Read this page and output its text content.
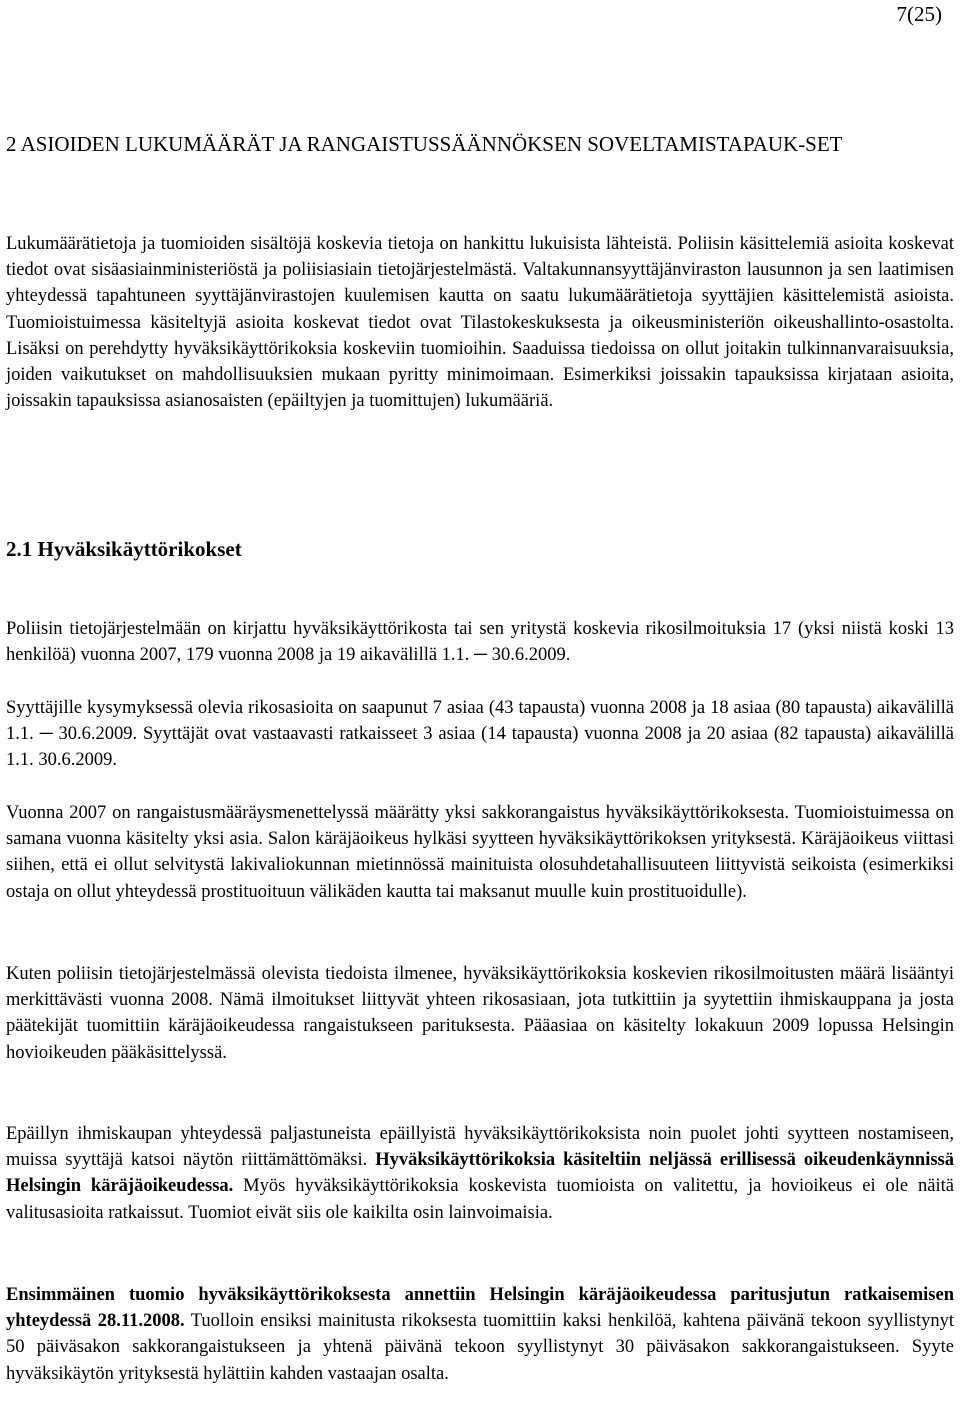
7(25)
2 ASIOIDEN LUKUMÄÄRÄT JA RANGAISTUSSÄÄNNÖKSEN SOVELTAMISTAPAUK-SET

Lukumäärätietoja ja tuomioiden sisältöjä koskevia tietoja on hankittu lukuisista lähteistä. Poliisin käsittelemiä asioita koskevat tiedot ovat sisäasiainministeriöstä ja poliisiasiain tietojärjestelmästä. Valtakunnansyyttäjänviraston lausunnon ja sen laatimisen yhteydessä tapahtuneen syyttäjänvirastojen kuulemisen kautta on saatu lukumäärätietoja syyttäjien käsittelemistä asioista. Tuomioistuimessa käsiteltyjä asioita koskevat tiedot ovat Tilastokeskuksesta ja oikeusministeriön oikeushallinto-osastolta. Lisäksi on perehdytty hyväksikäyttörikoksia koskeviin tuomioihin. Saaduissa tiedoissa on ollut joitakin tulkinnanvaraisuuksia, joiden vaikutukset on mahdollisuuksien mukaan pyritty minimoimaan. Esimerkiksi joissakin tapauksissa kirjataan asioita, joissakin tapauksissa asianosaisten (epäiltyjen ja tuomittujen) lukumääriä.

2.1 Hyväksikäyttörikokset

Poliisin tietojärjestelmään on kirjattu hyväksikäyttörikosta tai sen yritystä koskevia rikosilmoituksia 17 (yksi niistä koski 13 henkilöä) vuonna 2007, 179 vuonna 2008 ja 19 aikavälillä 1.1. ─ 30.6.2009.

Syyttäjille kysymyksessä olevia rikosasioita on saapunut 7 asiaa (43 tapausta) vuonna 2008 ja 18 asiaa (80 tapausta) aikavälillä 1.1. ─ 30.6.2009. Syyttäjät ovat vastaavasti ratkaisseet 3 asiaa (14 tapausta) vuonna 2008 ja 20 asiaa (82 tapausta) aikavälillä 1.1. 30.6.2009.

Vuonna 2007 on rangaistusmääräysmenettelyssä määrätty yksi sakkorangaistus hyväksikäyttörikoksesta. Tuomioistuimessa on samana vuonna käsitelty yksi asia. Salon käräjäoikeus hylkäsi syytteen hyväksikäyttörikoksen yrityksestä. Käräjäoikeus viittasi siihen, että ei ollut selvitystä lakivaliokunnan mietinnössä mainituista olosuhdetahallisuuteen liittyvistä seikoista (esimerkiksi ostaja on ollut yhteydessä prostituoituun välikäden kautta tai maksanut muulle kuin prostituoidulle).

Kuten poliisin tietojärjestelmässä olevista tiedoista ilmenee, hyväksikäyttörikoksia koskevien rikosilmoitusten määrä lisääntyi merkittävästi vuonna 2008. Nämä ilmoitukset liittyvät yhteen rikosasiaan, jota tutkittiin ja syytettiin ihmiskauppana ja josta päätekijät tuomittiin käräjäoikeudessa rangaistukseen parituksesta. Pääasiaa on käsitelty lokakuun 2009 lopussa Helsingin hovioikeuden pääkäsittelyssä.

Epäillyn ihmiskaupan yhteydessä paljastuneista epäillyistä hyväksikäyttörikoksista noin puolet johti syytteen nostamiseen, muissa syyttäjä katsoi näytön riittämättömäksi. Hyväksikäyttörikoksia käsiteltiin neljässä erillisessä oikeudenkäynnissä Helsingin käräjäoikeudessa. Myös hyväksikäyttörikoksia koskevista tuomioista on valitettu, ja hovioikeus ei ole näitä valitusasioita ratkaissut. Tuomiot eivät siis ole kaikilta osin lainvoimaisia.

Ensimmäinen tuomio hyväksikäyttörikoksesta annettiin Helsingin käräjäoikeudessa paritusjutun ratkaisemisen yhteydessä 28.11.2008. Tuolloin ensiksi mainitusta rikoksesta tuomittiin kaksi henkilöä, kahtena päivänä tekoon syyllistynyt 50 päiväsakon sakkorangaistukseen ja yhtenä päivänä tekoon syyllistynyt 30 päiväsakon sakkorangaistukseen. Syyte hyväksikäytön yrityksestä hylättiin kahden vastaajan osalta.
